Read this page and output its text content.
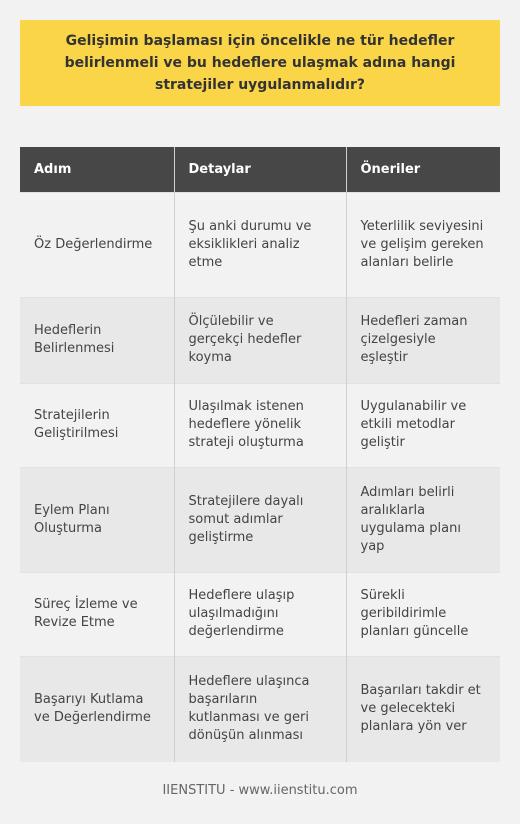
Gelişimin başlaması için öncelikle ne tür hedefler belirlenmeli ve bu hedeflere ulaşmak adına hangi stratejiler uygulanmalıdır?
Adım	Detaylar	Öneriler
Öz Değerlendirme	Şu anki durumu ve eksiklikleri analiz etme	Yeterlilik seviyesini ve gelişim gereken alanları belirle
Hedeflerin Belirlenmesi	Ölçülebilir ve gerçekçi hedefler koyma	Hedefleri zaman çizelgesiyle eşleştir
Stratejilerin Geliştirilmesi	Ulaşılmak istenen hedeflere yönelik strateji oluşturma	Uygulanabilir ve etkili metodlar geliştir
Eylem Planı Oluşturma	Stratejilere dayalı somut adımlar geliştirme	Adımları belirli aralıklarla uygulama planı yap
Süreç İzleme ve Revize Etme	Hedeflere ulaşıp ulaşılmadığını değerlendirme	Sürekli geribildirimle planları güncelle
Başarıyı Kutlama ve Değerlendirme	Hedeflere ulaşınca başarıların kutlanması ve geri dönüşün alınması	Başarıları takdir et ve gelecekteki planlara yön ver
IIENSTITU - www.iienstitu.com
